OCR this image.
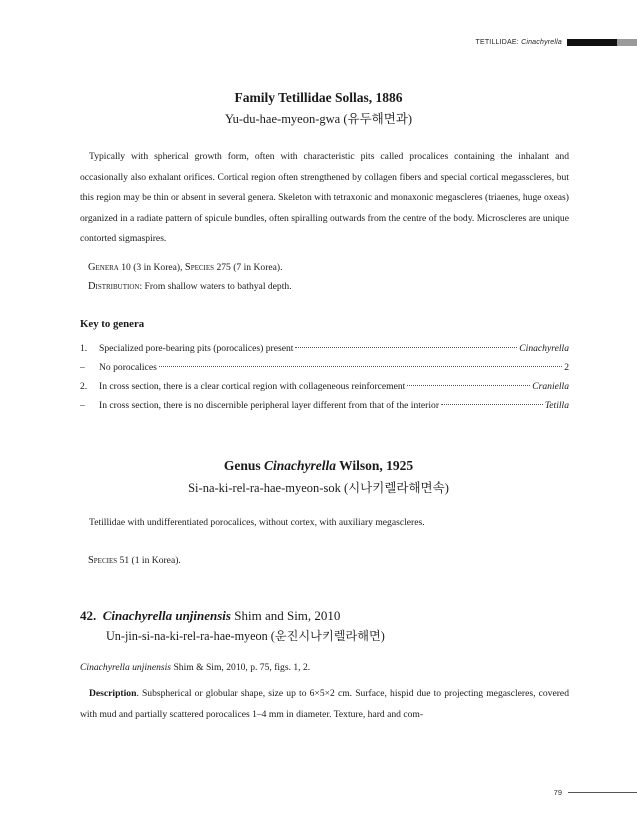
TETILLIDAE: Cinachyrella
Family Tetillidae Sollas, 1886
Yu-du-hae-myeon-gwa (유두해면과)
Typically with spherical growth form, often with characteristic pits called procalices containing the inhalant and occasionally also exhalant orifices. Cortical region often strengthened by collagen fibers and special cortical megasscleres, but this region may be thin or absent in several genera. Skeleton with tetraxonic and monaxonic megascleres (triaenes, huge oxeas) organized in a radiate pattern of spicule bundles, often spiralling outwards from the centre of the body. Microscleres are unique contorted sigmaspires.
Genera 10 (3 in Korea), Species 275 (7 in Korea).
Distribution: From shallow waters to bathyal depth.
Key to genera
1.	Specialized pore-bearing pits (porocalices) present	Cinachyrella
–	No porocalices	2
2.	In cross section, there is a clear cortical region with collageneous reinforcement	Craniella
–	In cross section, there is no discernible peripheral layer different from that of the interior	Tetilla
Genus Cinachyrella Wilson, 1925
Si-na-ki-rel-ra-hae-myeon-sok (시나키렐라해면속)
Tetillidae with undifferentiated porocalices, without cortex, with auxiliary megascleres.
Species 51 (1 in Korea).
42. Cinachyrella unjinensis Shim and Sim, 2010
Un-jin-si-na-ki-rel-ra-hae-myeon (운진시나키렐라해면)
Cinachyrella unjinensis Shim & Sim, 2010, p. 75, figs. 1, 2.
Description. Subspherical or globular shape, size up to 6×5×2 cm. Surface, hispid due to projecting megascleres, covered with mud and partially scattered porocalices 1–4 mm in diameter. Texture, hard and com-
79
